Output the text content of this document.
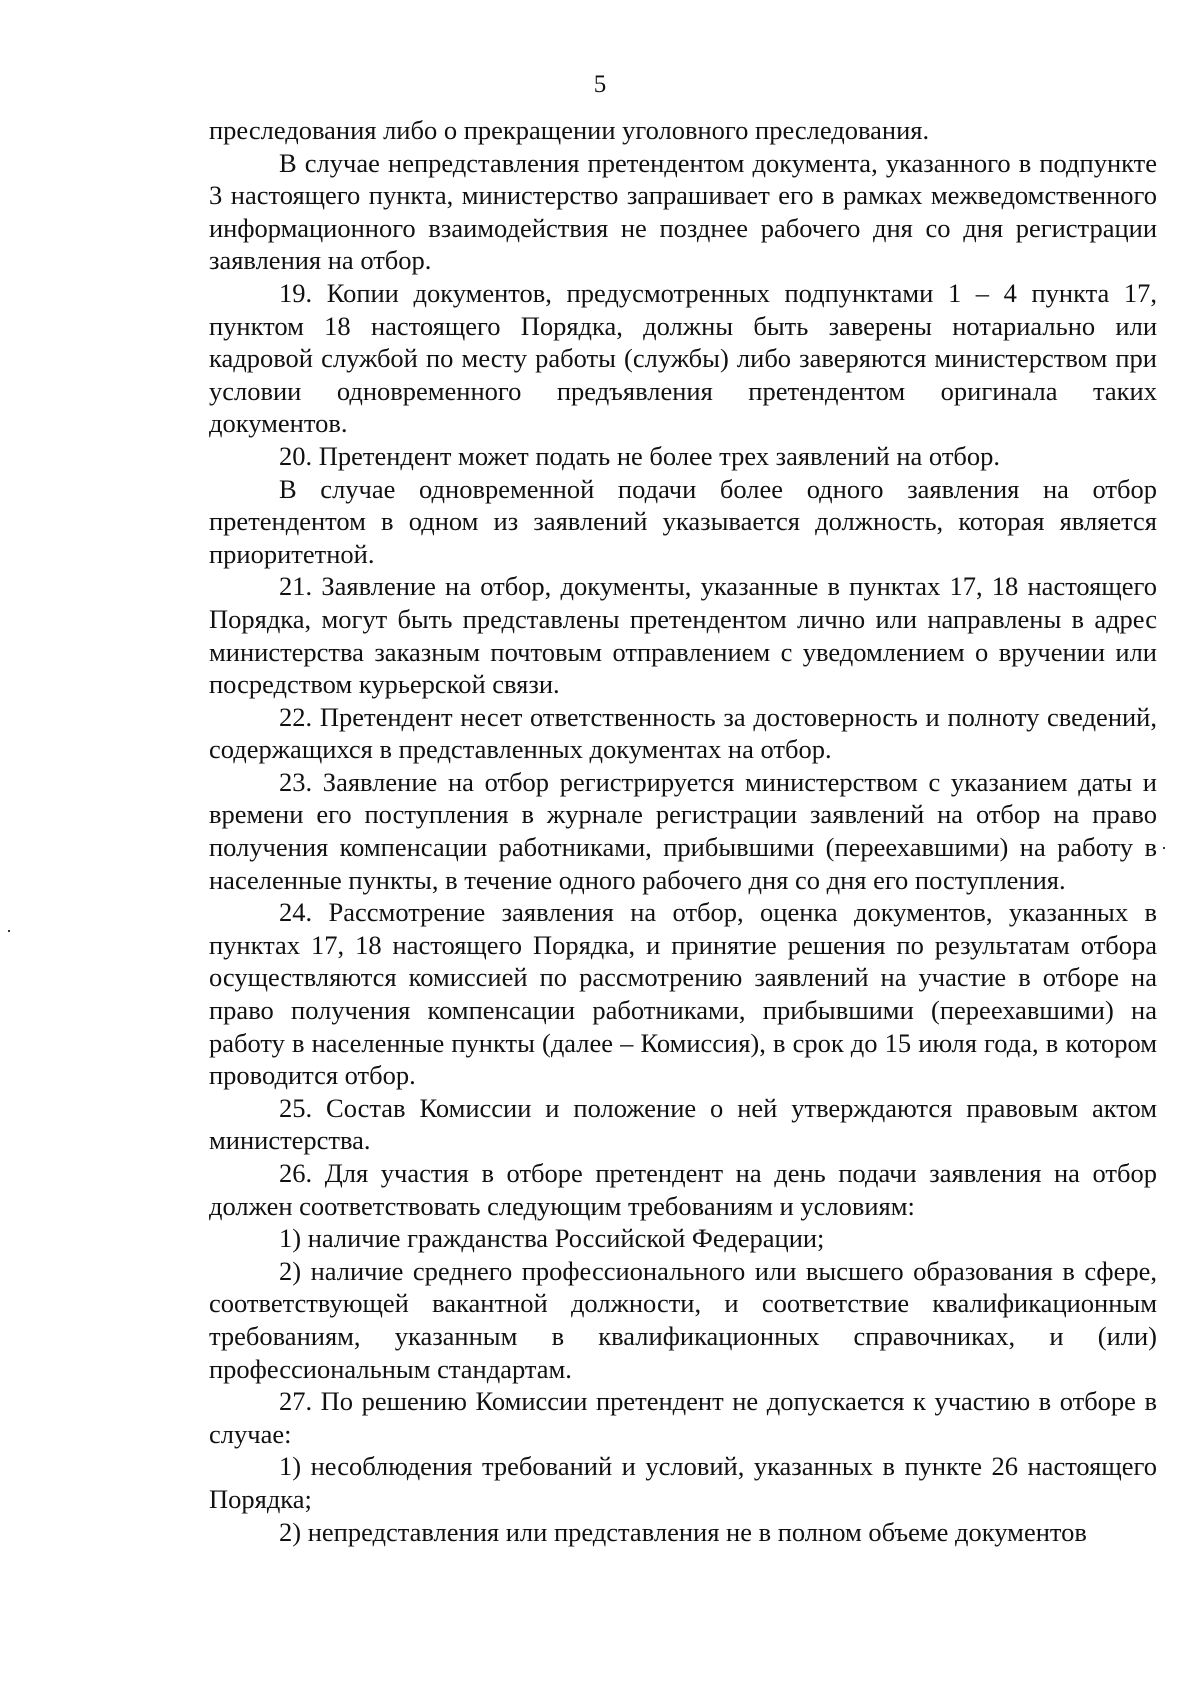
5

преследования либо о прекращении уголовного преследования.

В случае непредставления претендентом документа, указанного в подпункте 3 настоящего пункта, министерство запрашивает его в рамках межведомственного информационного взаимодействия не позднее рабочего дня со дня регистрации заявления на отбор.

19. Копии документов, предусмотренных подпунктами 1 – 4 пункта 17, пунктом 18 настоящего Порядка, должны быть заверены нотариально или кадровой службой по месту работы (службы) либо заверяются министерством при условии одновременного предъявления претендентом оригинала таких документов.

20. Претендент может подать не более трех заявлений на отбор.

В случае одновременной подачи более одного заявления на отбор претендентом в одном из заявлений указывается должность, которая является приоритетной.

21. Заявление на отбор, документы, указанные в пунктах 17, 18 настоящего Порядка, могут быть представлены претендентом лично или направлены в адрес министерства заказным почтовым отправлением с уведомлением о вручении или посредством курьерской связи.

22. Претендент несет ответственность за достоверность и полноту сведений, содержащихся в представленных документах на отбор.

23. Заявление на отбор регистрируется министерством с указанием даты и времени его поступления в журнале регистрации заявлений на отбор на право получения компенсации работниками, прибывшими (переехавшими) на работу в населенные пункты, в течение одного рабочего дня со дня его поступления.

24. Рассмотрение заявления на отбор, оценка документов, указанных в пунктах 17, 18 настоящего Порядка, и принятие решения по результатам отбора осуществляются комиссией по рассмотрению заявлений на участие в отборе на право получения компенсации работниками, прибывшими (переехавшими) на работу в населенные пункты (далее – Комиссия), в срок до 15 июля года, в котором проводится отбор.

25. Состав Комиссии и положение о ней утверждаются правовым актом министерства.

26. Для участия в отборе претендент на день подачи заявления на отбор должен соответствовать следующим требованиям и условиям:

1) наличие гражданства Российской Федерации;

2) наличие среднего профессионального или высшего образования в сфере, соответствующей вакантной должности, и соответствие квалификационным требованиям, указанным в квалификационных справочниках, и (или) профессиональным стандартам.

27. По решению Комиссии претендент не допускается к участию в отборе в случае:

1) несоблюдения требований и условий, указанных в пункте 26 настоящего Порядка;

2) непредставления или представления не в полном объеме документов
